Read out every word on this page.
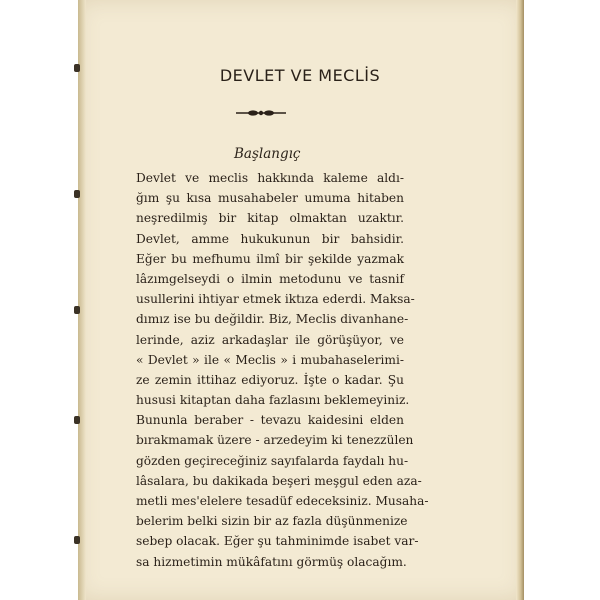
DEVLET VE MECLİS
Başlangıç
Devlet ve meclis hakkında kaleme aldı-
ğım şu kısa musahabeler umuma hitaben
neşredilmiş bir kitap olmaktan uzaktır.
Devlet, amme hukukunun bir bahsidir.
Eğer bu mefhumu ilmî bir şekilde yazmak
lâzımgelseydi o ilmin metodunu ve tasnif
usullerini ihtiyar etmek iktıza ederdi. Maksa-
dımız ise bu değildir. Biz, Meclis divanhane-
lerinde, aziz arkadaşlar ile görüşüyor, ve
« Devlet » ile « Meclis » i mubahaselerimi-
ze zemin ittihaz ediyoruz. İşte o kadar. Şu
hususi kitaptan daha fazlasını beklemeyiniz.
Bununla beraber - tevazu kaidesini elden
bırakmamak üzere - arzedeyim ki tenezzülen
gözden geçireceğiniz sayıfalarda faydalı hu-
lâsalara, bu dakikada beşeri meşgul eden aza-
metli mes'elelere tesadüf edeceksiniz. Musaha-
belerim belki sizin bir az fazla düşünmenize
sebep olacak. Eğer şu tahminimde isabet var-
sa hizmetimin mükâfatını görmüş olacağım.
